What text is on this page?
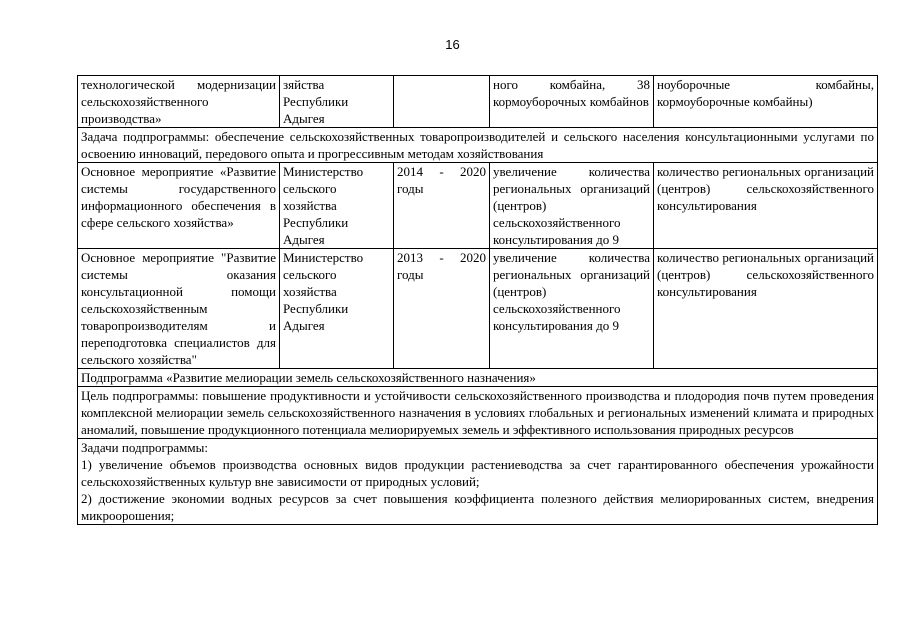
16
технологической модернизации сельскохозяйственного производства»	зяйства Республики Адыгея		ного комбайна, 38 кормоуборочных комбайнов	ноуборочные комбайны, кормоуборочные комбайны)
Задача подпрограммы: обеспечение сельскохозяйственных товаропроизводителей и сельского населения консультационными услугами по освоению инноваций, передового опыта и прогрессивным методам хозяйствования				
Основное мероприятие «Развитие системы государственного информационного обеспечения в сфере сельского хозяйства»	Министерство сельского хозяйства Республики Адыгея	2014 - 2020 годы	увеличение количества региональных организаций (центров) сельскохозяйственного консультирования до 9	количество региональных организаций (центров) сельскохозяйственного консультирования
Основное мероприятие "Развитие системы оказания консультационной помощи сельскохозяйственным товаропроизводителям и переподготовка специалистов для сельского хозяйства"	Министерство сельского хозяйства Республики Адыгея	2013 - 2020 годы	увеличение количества региональных организаций (центров) сельскохозяйственного консультирования до 9	количество региональных организаций (центров) сельскохозяйственного консультирования
Подпрограмма «Развитие мелиорации земель сельскохозяйственного назначения»				
Цель подпрограммы: повышение продуктивности и устойчивости сельскохозяйственного производства и плодородия почв путем проведения комплексной мелиорации земель сельскохозяйственного назначения в условиях глобальных и региональных изменений климата и природных аномалий, повышение продукционного потенциала мелиорируемых земель и эффективного использования природных ресурсов				

Задачи подпрограммы:
1) увеличение объемов производства основных видов продукции растениеводства за счет гарантированного обеспечения урожайности сельскохозяйственных культур вне зависимости от природных условий;
2) достижение экономии водных ресурсов за счет повышения коэффициента полезного действия мелиорированных систем, внедрения микроорошения;				
